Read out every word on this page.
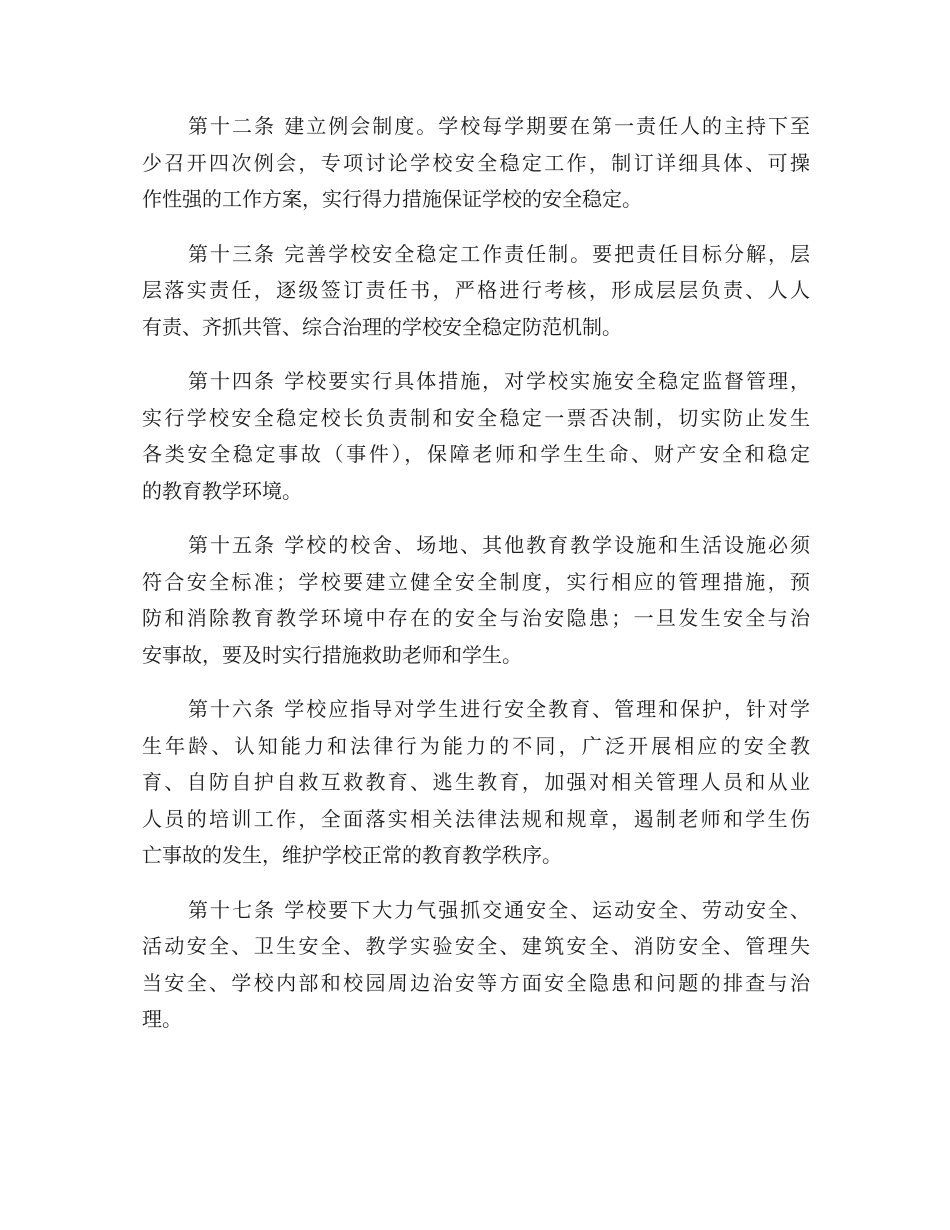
第十二条 建立例会制度。学校每学期要在第一责任人的主持下至
少召开四次例会，专项讨论学校安全稳定工作，制订详细具体、可操
作性强的工作方案，实行得力措施保证学校的安全稳定。
第十三条 完善学校安全稳定工作责任制。要把责任目标分解，层
层落实责任，逐级签订责任书，严格进行考核，形成层层负责、人人
有责、齐抓共管、综合治理的学校安全稳定防范机制。
第十四条 学校要实行具体措施，对学校实施安全稳定监督管理，
实行学校安全稳定校长负责制和安全稳定一票否决制，切实防止发生
各类安全稳定事故（事件），保障老师和学生生命、财产安全和稳定
的教育教学环境。
第十五条 学校的校舍、场地、其他教育教学设施和生活设施必须
符合安全标准；学校要建立健全安全制度，实行相应的管理措施，预
防和消除教育教学环境中存在的安全与治安隐患；一旦发生安全与治
安事故，要及时实行措施救助老师和学生。
第十六条 学校应指导对学生进行安全教育、管理和保护，针对学
生年龄、认知能力和法律行为能力的不同，广泛开展相应的安全教
育、自防自护自救互救教育、逃生教育，加强对相关管理人员和从业
人员的培训工作，全面落实相关法律法规和规章，遏制老师和学生伤
亡事故的发生，维护学校正常的教育教学秩序。
第十七条 学校要下大力气强抓交通安全、运动安全、劳动安全、
活动安全、卫生安全、教学实验安全、建筑安全、消防安全、管理失
当安全、学校内部和校园周边治安等方面安全隐患和问题的排查与治
理。
